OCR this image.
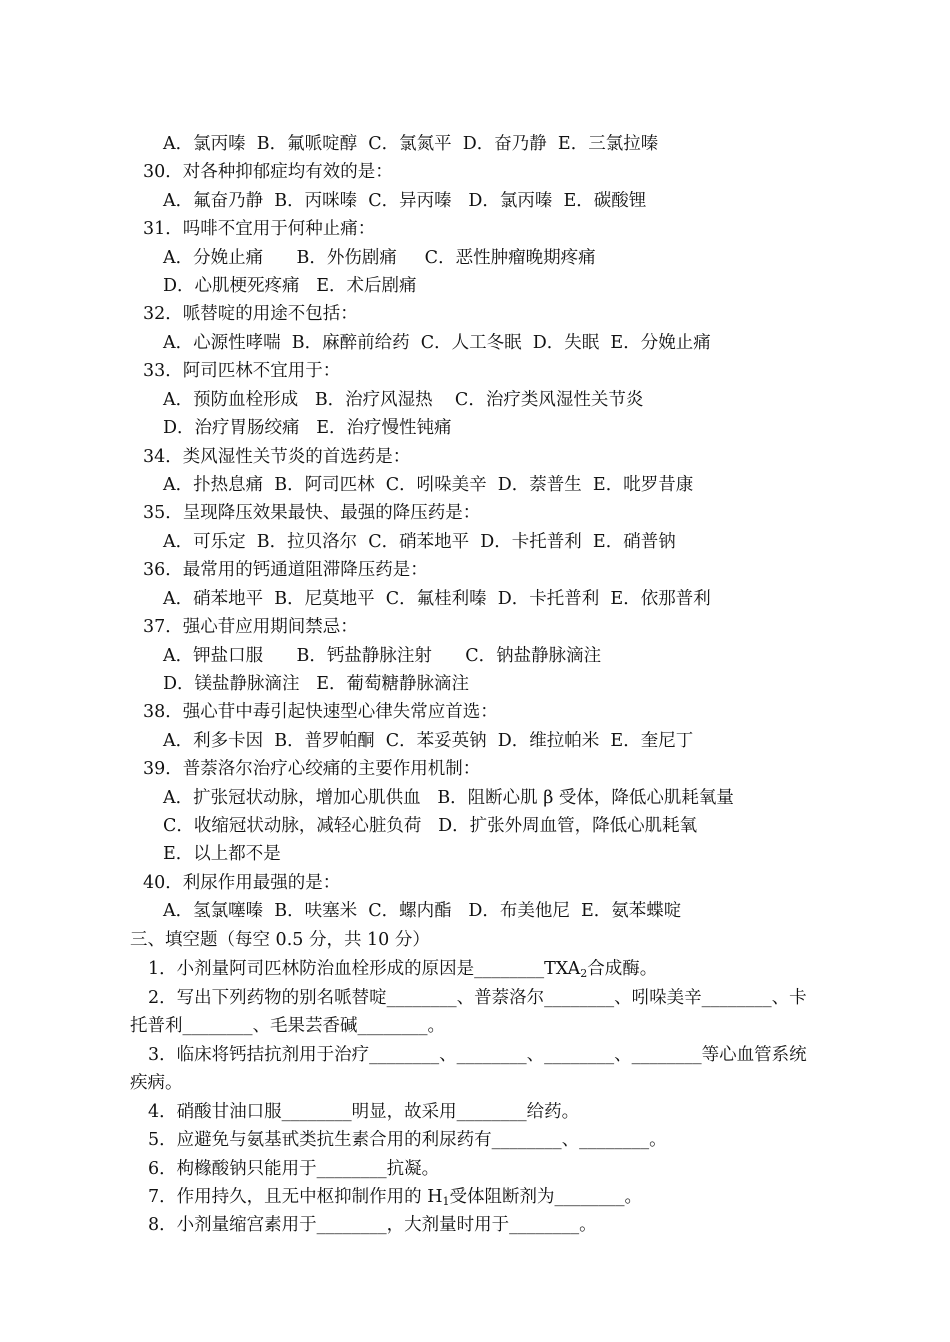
A．氯丙嗪  B．氟哌啶醇  C．氯氮平  D．奋乃静  E．三氯拉嗪
30．对各种抑郁症均有效的是：
A．氟奋乃静  B．丙咪嗪  C．异丙嗪   D．氯丙嗪  E．碳酸锂
31．吗啡不宜用于何种止痛：
A．分娩止痛      B．外伤剧痛     C．恶性肿瘤晚期疼痛
D．心肌梗死疼痛   E．术后剧痛
32．哌替啶的用途不包括：
A．心源性哮喘  B．麻醉前给药  C．人工冬眠  D．失眠  E．分娩止痛
33．阿司匹林不宜用于：
A．预防血栓形成   B．治疗风湿热    C．治疗类风湿性关节炎
D．治疗胃肠绞痛   E．治疗慢性钝痛
34．类风湿性关节炎的首选药是：
A．扑热息痛  B．阿司匹林  C．吲哚美辛  D．萘普生  E．吡罗昔康
35．呈现降压效果最快、最强的降压药是：
A．可乐定  B．拉贝洛尔  C．硝苯地平  D．卡托普利  E．硝普钠
36．最常用的钙通道阻滞降压药是：
A．硝苯地平  B．尼莫地平  C．氟桂利嗪  D．卡托普利  E．依那普利
37．强心苷应用期间禁忌：
A．钾盐口服      B．钙盐静脉注射      C．钠盐静脉滴注
D．镁盐静脉滴注   E．葡萄糖静脉滴注
38．强心苷中毒引起快速型心律失常应首选：
A．利多卡因  B．普罗帕酮  C．苯妥英钠  D．维拉帕米  E．奎尼丁
39．普萘洛尔治疗心绞痛的主要作用机制：
A．扩张冠状动脉，增加心肌供血   B．阻断心肌 β 受体，降低心肌耗氧量
C．收缩冠状动脉，减轻心脏负荷   D．扩张外周血管，降低心肌耗氧
E．以上都不是
40．利尿作用最强的是：
A．氢氯噻嗪  B．呋塞米  C．螺内酯   D．布美他尼  E．氨苯蝶啶
三、填空题（每空 0.5 分，共 10 分）
1．小剂量阿司匹林防治血栓形成的原因是$\_\_\_\_\_\_\_\_TXA_2$合成酶。
2．写出下列药物的别名哌替啶________、普萘洛尔________、吲哚美辛________、卡
托普利________、毛果芸香碱________。
3．临床将钙拮抗剂用于治疗________、________、________、________等心血管系统
疾病。
4．硝酸甘油口服________明显，故采用________给药。
5．应避免与氨基甙类抗生素合用的利尿药有________、________。
6．枸橼酸钠只能用于________抗凝。
7．作用持久，且无中枢抑制作用的 $H_1$受体阻断剂为________。
8．小剂量缩宫素用于________，大剂量时用于________。
